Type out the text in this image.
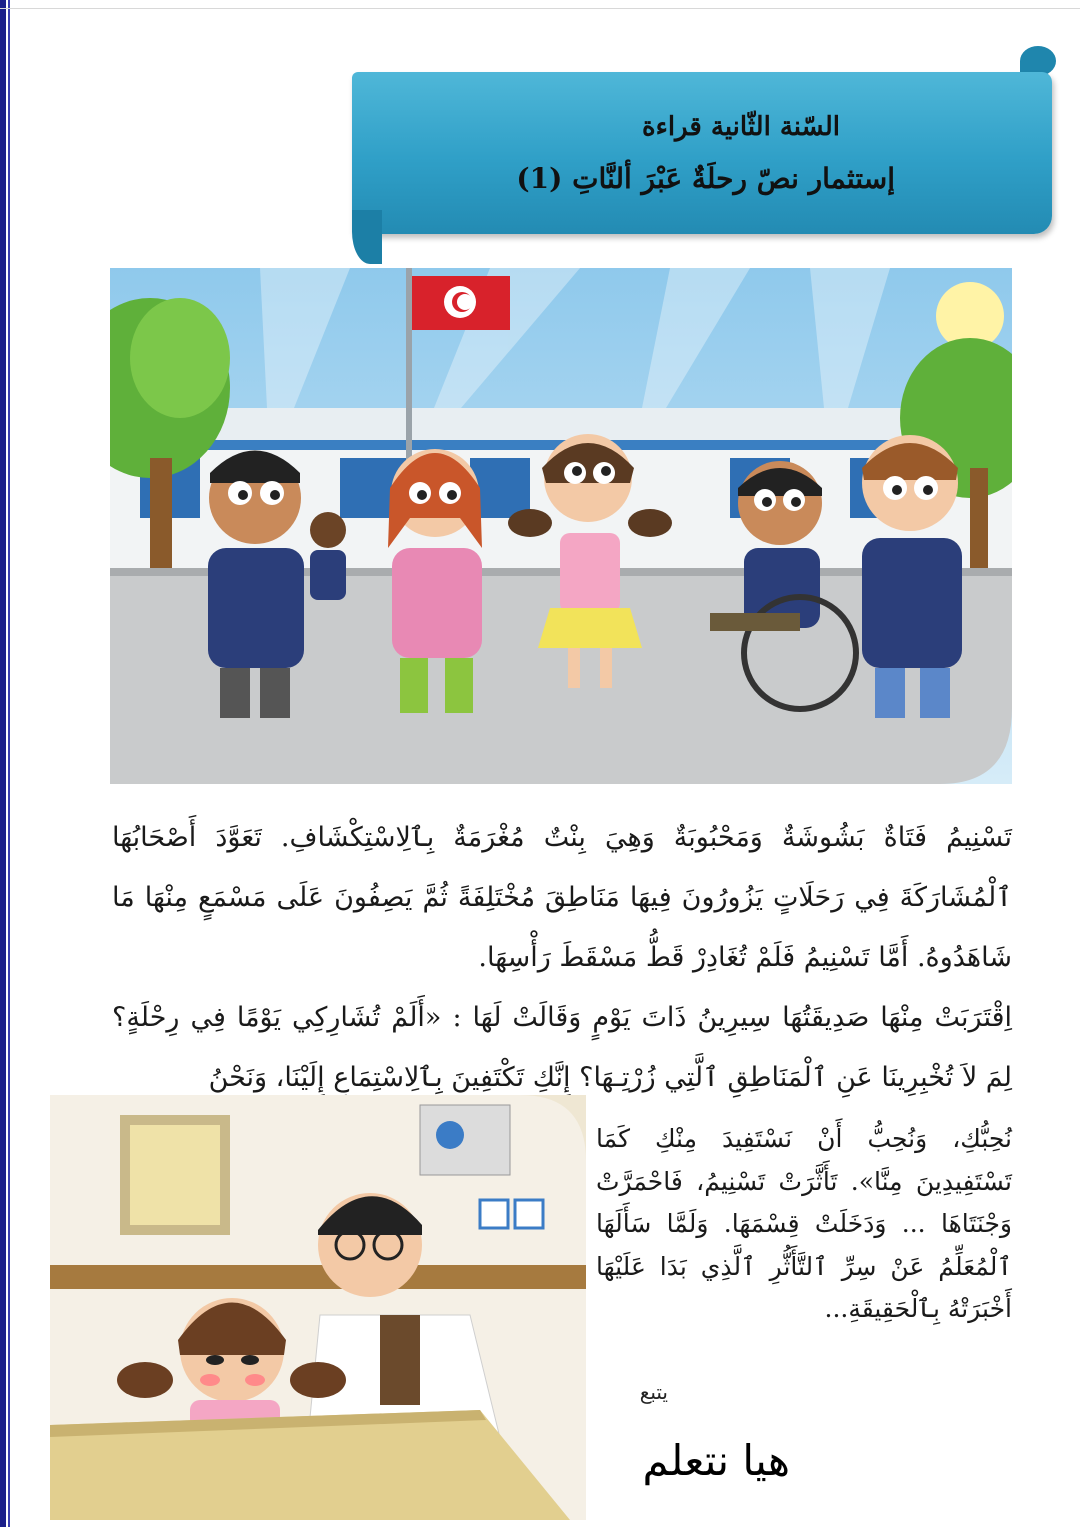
السّنة الثّانية قراءة
إستثمار نصّ رحلَةٌ عَبْرَ ألنَّاتِ (1)
تَسْنِيمُ فَتَاةٌ بَشُوشَةٌ وَمَحْبُوبَةٌ وَهِيَ بِنْتٌ مُغْرَمَةٌ بِٱلِاسْتِكْشَافِ. تَعَوَّدَ أَصْحَابُهَا ٱلْمُشَارَكَةَ فِي رَحَلَاتٍ يَزُورُونَ فِيهَا مَنَاطِقَ مُخْتَلِفَةً ثُمَّ يَصِفُونَ عَلَى مَسْمَعٍ مِنْهَا مَا شَاهَدُوهُ. أَمَّا تَسْنِيمُ فَلَمْ تُغَادِرْ قَطُّ مَسْقَطَ رَأْسِهَا.
اِقْتَرَبَتْ مِنْهَا صَدِيقَتُهَا سِيرِينُ ذَاتَ يَوْمٍ وَقَالَتْ لَهَا : «أَلَمْ تُشَارِكِي يَوْمًا فِي رِحْلَةٍ؟ لِمَ لاَ تُخْبِرِينَا عَنِ ٱلْمَنَاطِقِ ٱلَّتِي زُرْتِـهَا؟ إِنَّكِ تَكْتَفِينَ بِٱلِاسْتِمَاعِ إِلَيْنَا، وَنَحْنُ
نُحِبُّكِ، وَنُحِبُّ أَنْ نَسْتَفِيدَ مِنْكِ كَمَا تَسْتَفِيدِينَ مِنَّا». تَأَثَّرَتْ تَسْنِيمُ، فَاحْمَرَّتْ وَجْنَتَاهَا ... وَدَخَلَتْ قِسْمَهَا. وَلَمَّا سَأَلَهَا ٱلْمُعَلِّمُ عَنْ سِرِّ ٱلتَّأَثُّرِ ٱلَّذِي بَدَا عَلَيْهَا أَخْبَرَتْهُ بِٱلْحَقِيقَةِ...
يتبع
هيا نتعلم
